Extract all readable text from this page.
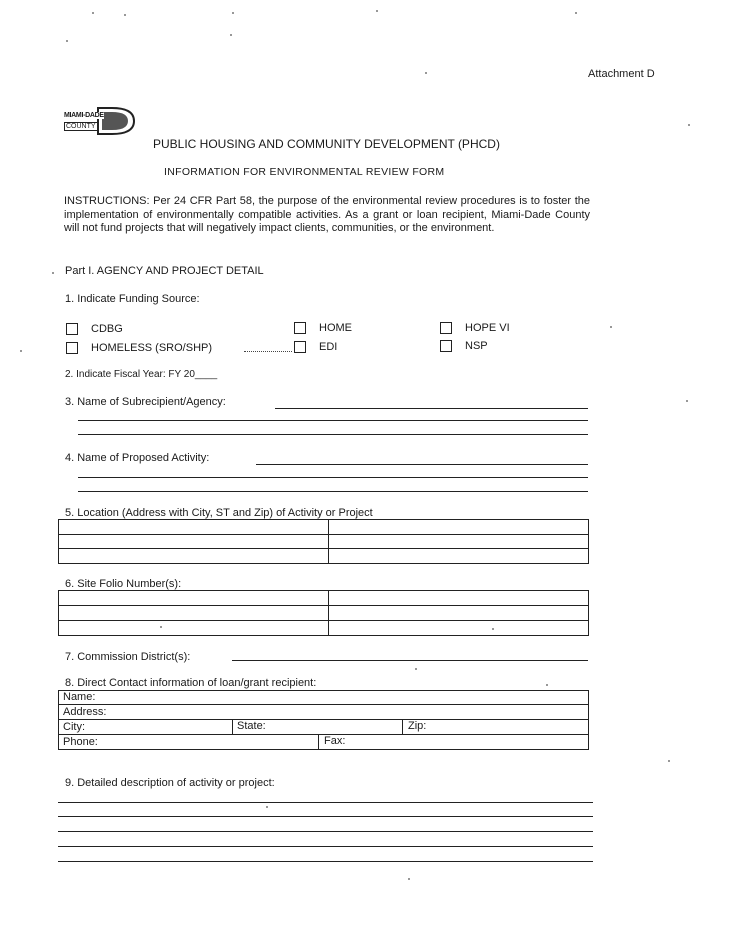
Attachment D
MIAMI-DADE
COUNTY
PUBLIC HOUSING AND COMMUNITY DEVELOPMENT (PHCD)
INFORMATION FOR ENVIRONMENTAL REVIEW FORM
INSTRUCTIONS: Per 24 CFR Part 58, the purpose of the environmental review procedures is to foster the implementation of environmentally compatible activities. As a grant or loan recipient, Miami-Dade County will not fund projects that will negatively impact clients, communities, or the environment.
Part I. AGENCY AND PROJECT DETAIL
1. Indicate Funding Source:
CDBG
HOMELESS (SRO/SHP)
HOME
EDI
HOPE VI
NSP
2. Indicate Fiscal Year: FY 20____
3. Name of Subrecipient/Agency:
4. Name of Proposed Activity:
5. Location (Address with City, ST and Zip) of Activity or Project
6. Site Folio Number(s):
7. Commission District(s):
8. Direct Contact information of loan/grant recipient:
Name:
Address:
City:	State:	Zip:
Phone:	Fax:
9. Detailed description of activity or project:
